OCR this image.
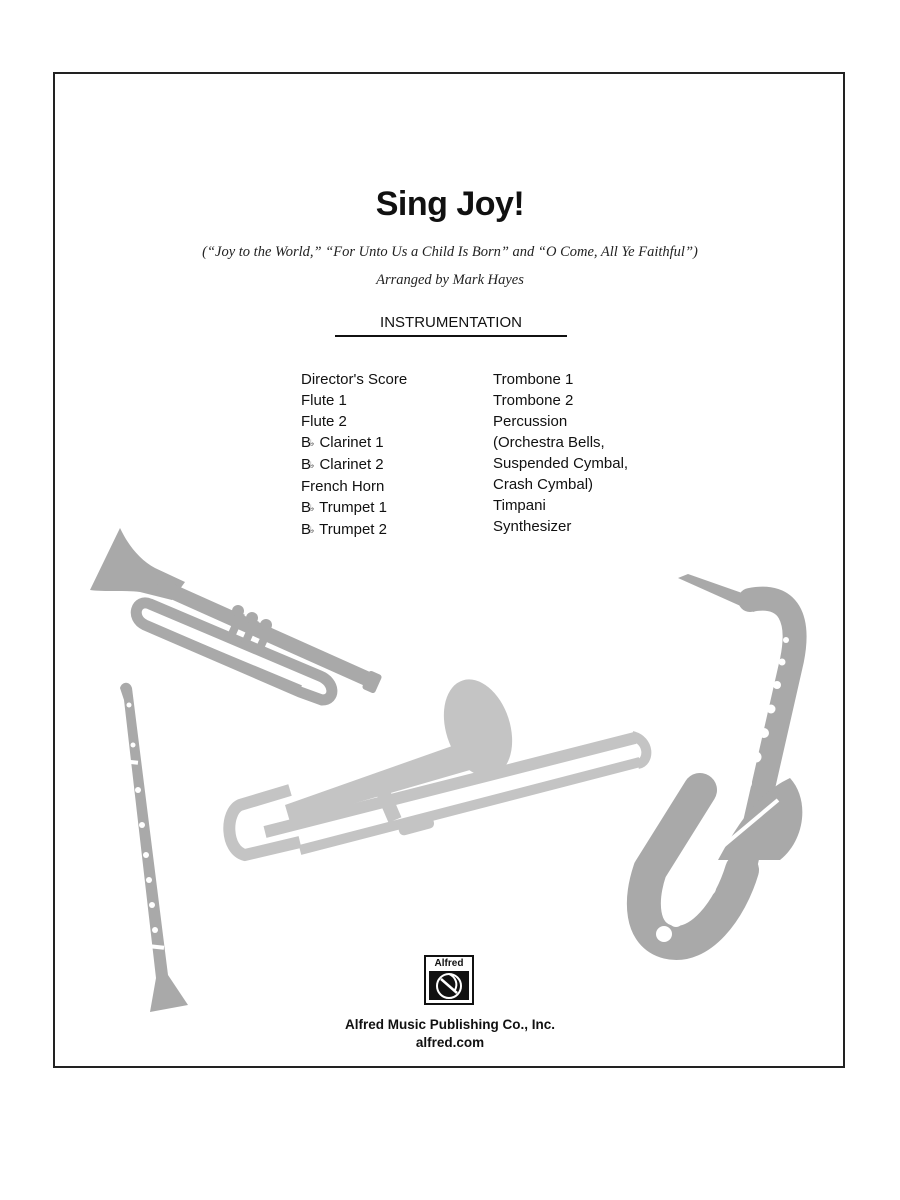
Sing Joy!
(“Joy to the World,” “For Unto Us a Child Is Born” and “O Come, All Ye Faithful”)
Arranged by Mark Hayes
INSTRUMENTATION
Director's Score
Flute 1
Flute 2
B♭ Clarinet 1
B♭ Clarinet 2
French Horn
B♭ Trumpet 1
B♭ Trumpet 2
Trombone 1
Trombone 2
Percussion
(Orchestra Bells,
Suspended Cymbal,
Crash Cymbal)
Timpani
Synthesizer
Alfred
Alfred Music Publishing Co., Inc.
alfred.com
